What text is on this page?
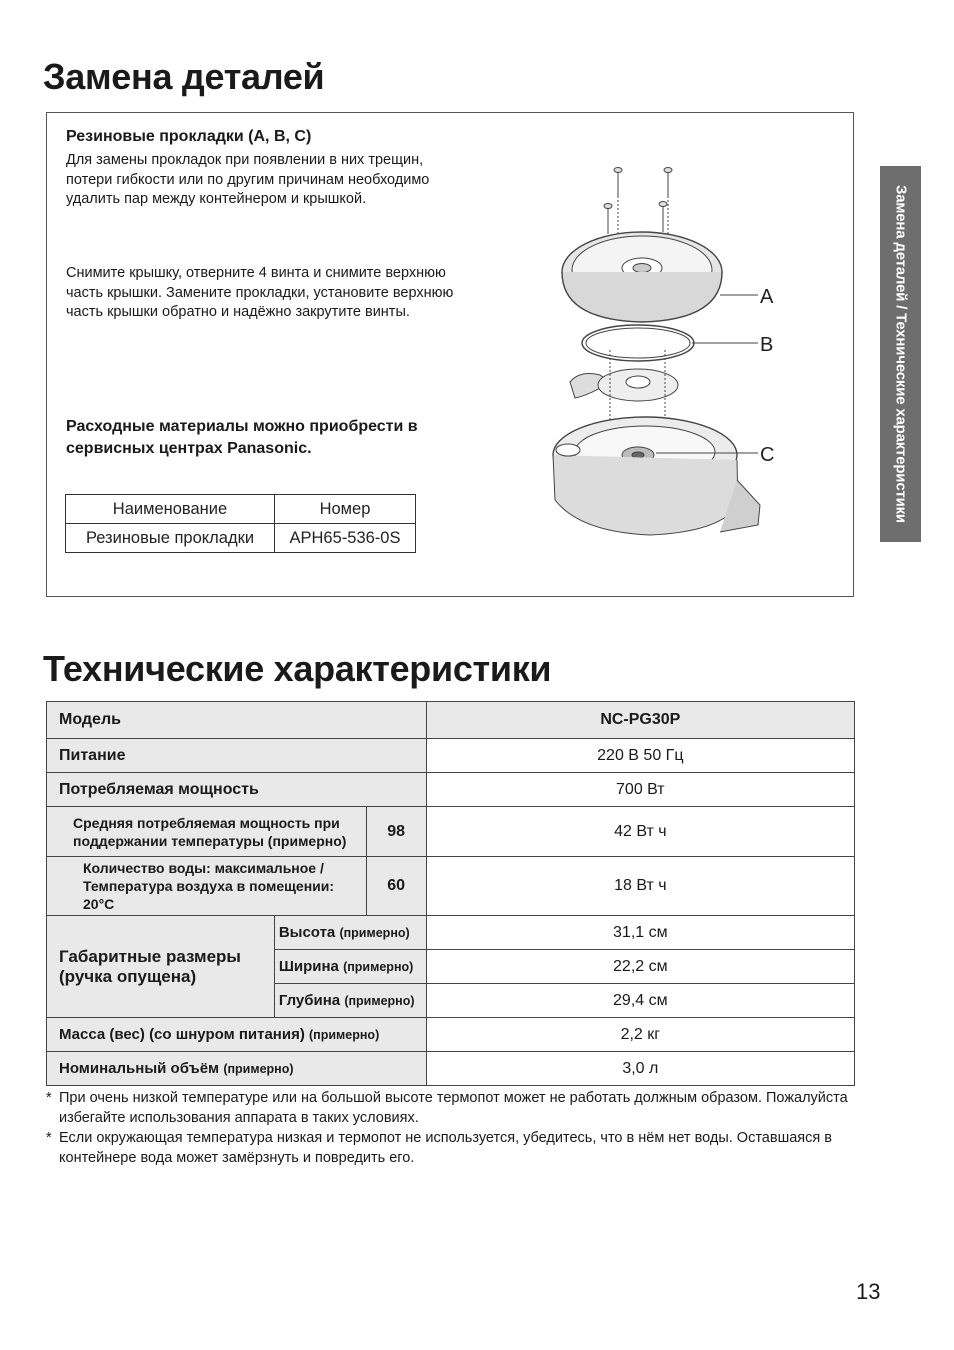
Замена деталей
Резиновые прокладки (A, B, C)
Для замены прокладок при появлении в них трещин, потери гибкости или по другим причинам необходимо удалить пар между контейнером и крышкой.
Снимите крышку, отверните 4 винта и снимите верхнюю часть крышки. Замените прокладки, установите верхнюю часть крышки обратно и надёжно закрутите винты.
Расходные материалы можно приобрести в сервисных центрах Panasonic.
Наименование	Номер
Резиновые прокладки	APH65-536-0S
A
B
C	Замена деталей / Технические характеристики
Технические характеристики
Модель			NC-PG30P
Питание			220 В 50 Гц
Потребляемая мощность			700 Вт
Средняя потребляемая мощность при поддержании температуры (примерно)		98	42 Вт ч
Количество воды: максимальное / Температура воздуха в помещении: 20°C		60	18 Вт ч
Габаритные размеры (ручка опущена)	Высота (примерно)		31,1 см
	Ширина (примерно)		22,2 см
	Глубина (примерно)		29,4 см
Масса (вес) (со шнуром питания) (примерно)			2,2 кг
Номинальный объём (примерно)			3,0 л
* При очень низкой температуре или на большой высоте термопот может не работать должным образом. Пожалуйста избегайте использования аппарата в таких условиях.
* Если окружающая температура низкая и термопот не используется, убедитесь, что в нём нет воды. Оставшаяся в контейнере вода может замёрзнуть и повредить его.
13
